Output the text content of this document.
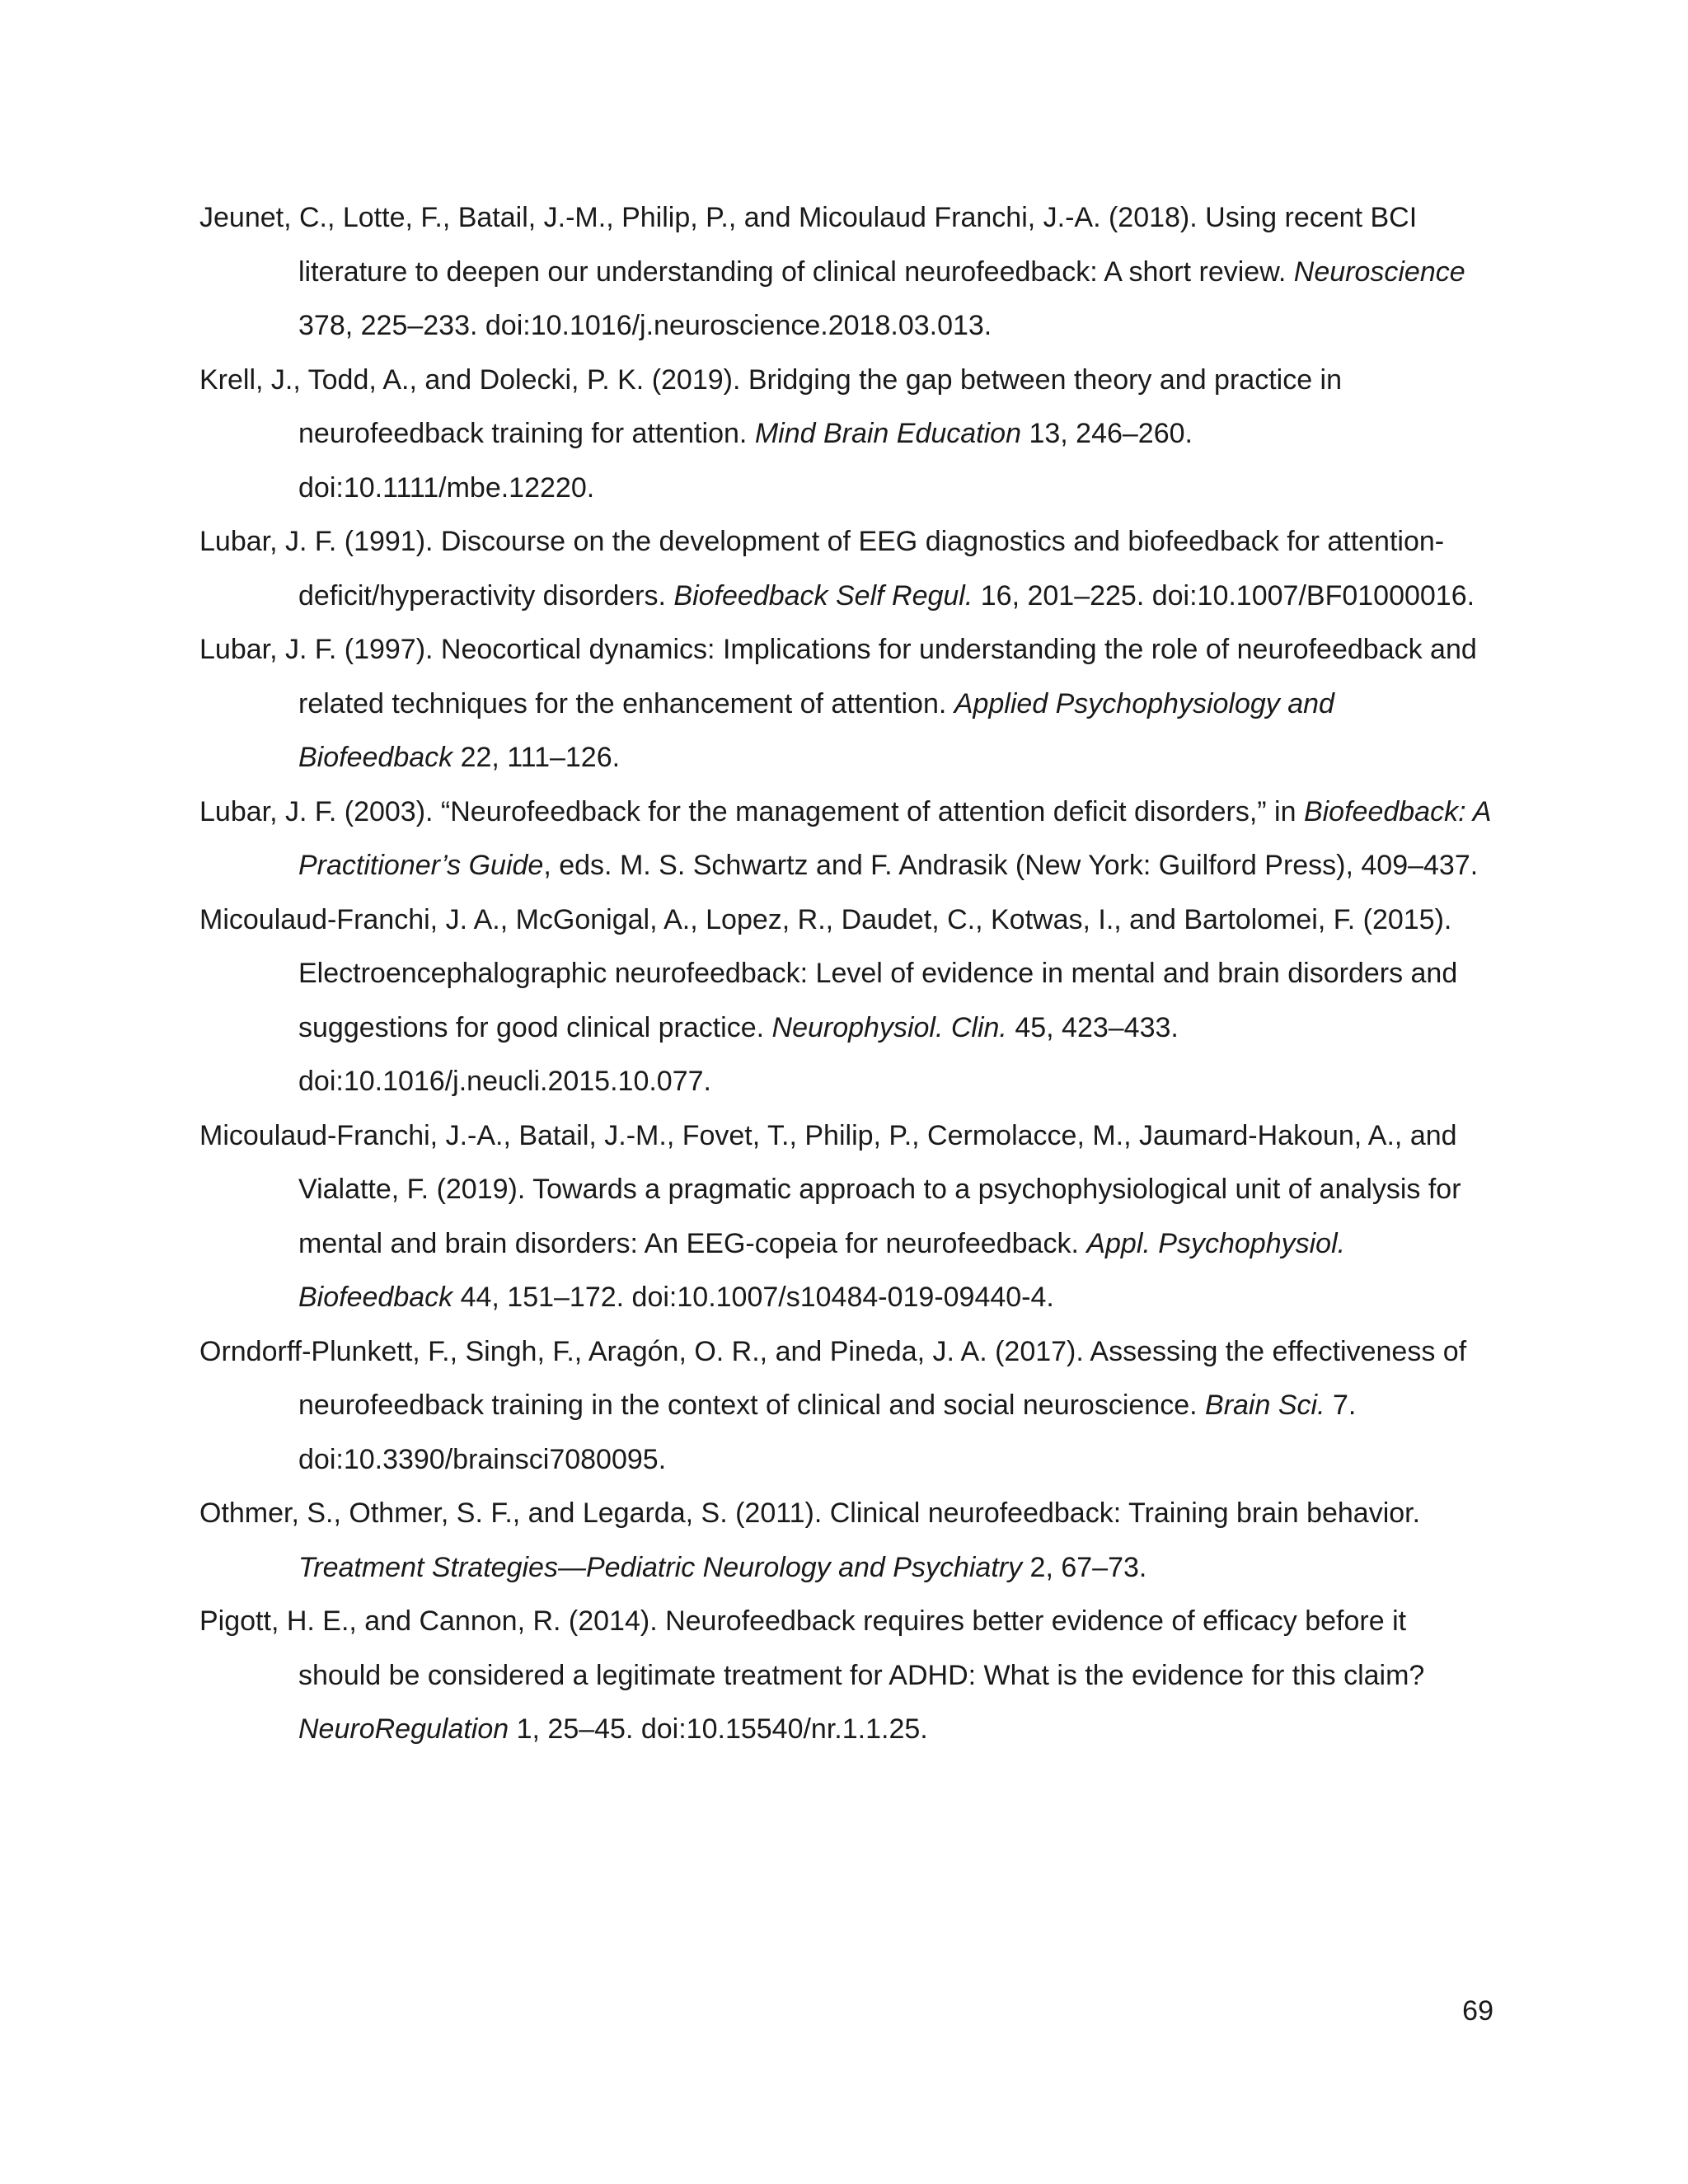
Jeunet, C., Lotte, F., Batail, J.-M., Philip, P., and Micoulaud Franchi, J.-A. (2018). Using recent BCI literature to deepen our understanding of clinical neurofeedback: A short review. Neuroscience 378, 225–233. doi:10.1016/j.neuroscience.2018.03.013.
Krell, J., Todd, A., and Dolecki, P. K. (2019). Bridging the gap between theory and practice in neurofeedback training for attention. Mind Brain Education 13, 246–260. doi:10.1111/mbe.12220.
Lubar, J. F. (1991). Discourse on the development of EEG diagnostics and biofeedback for attention-deficit/hyperactivity disorders. Biofeedback Self Regul. 16, 201–225. doi:10.1007/BF01000016.
Lubar, J. F. (1997). Neocortical dynamics: Implications for understanding the role of neurofeedback and related techniques for the enhancement of attention. Applied Psychophysiology and Biofeedback 22, 111–126.
Lubar, J. F. (2003). “Neurofeedback for the management of attention deficit disorders,” in Biofeedback: A Practitioner’s Guide, eds. M. S. Schwartz and F. Andrasik (New York: Guilford Press), 409–437.
Micoulaud-Franchi, J. A., McGonigal, A., Lopez, R., Daudet, C., Kotwas, I., and Bartolomei, F. (2015). Electroencephalographic neurofeedback: Level of evidence in mental and brain disorders and suggestions for good clinical practice. Neurophysiol. Clin. 45, 423–433. doi:10.1016/j.neucli.2015.10.077.
Micoulaud-Franchi, J.-A., Batail, J.-M., Fovet, T., Philip, P., Cermolacce, M., Jaumard-Hakoun, A., and Vialatte, F. (2019). Towards a pragmatic approach to a psychophysiological unit of analysis for mental and brain disorders: An EEG-copeia for neurofeedback. Appl. Psychophysiol. Biofeedback 44, 151–172. doi:10.1007/s10484-019-09440-4.
Orndorff-Plunkett, F., Singh, F., Aragón, O. R., and Pineda, J. A. (2017). Assessing the effectiveness of neurofeedback training in the context of clinical and social neuroscience. Brain Sci. 7. doi:10.3390/brainsci7080095.
Othmer, S., Othmer, S. F., and Legarda, S. (2011). Clinical neurofeedback: Training brain behavior. Treatment Strategies—Pediatric Neurology and Psychiatry 2, 67–73.
Pigott, H. E., and Cannon, R. (2014). Neurofeedback requires better evidence of efficacy before it should be considered a legitimate treatment for ADHD: What is the evidence for this claim? NeuroRegulation 1, 25–45. doi:10.15540/nr.1.1.25.
69
